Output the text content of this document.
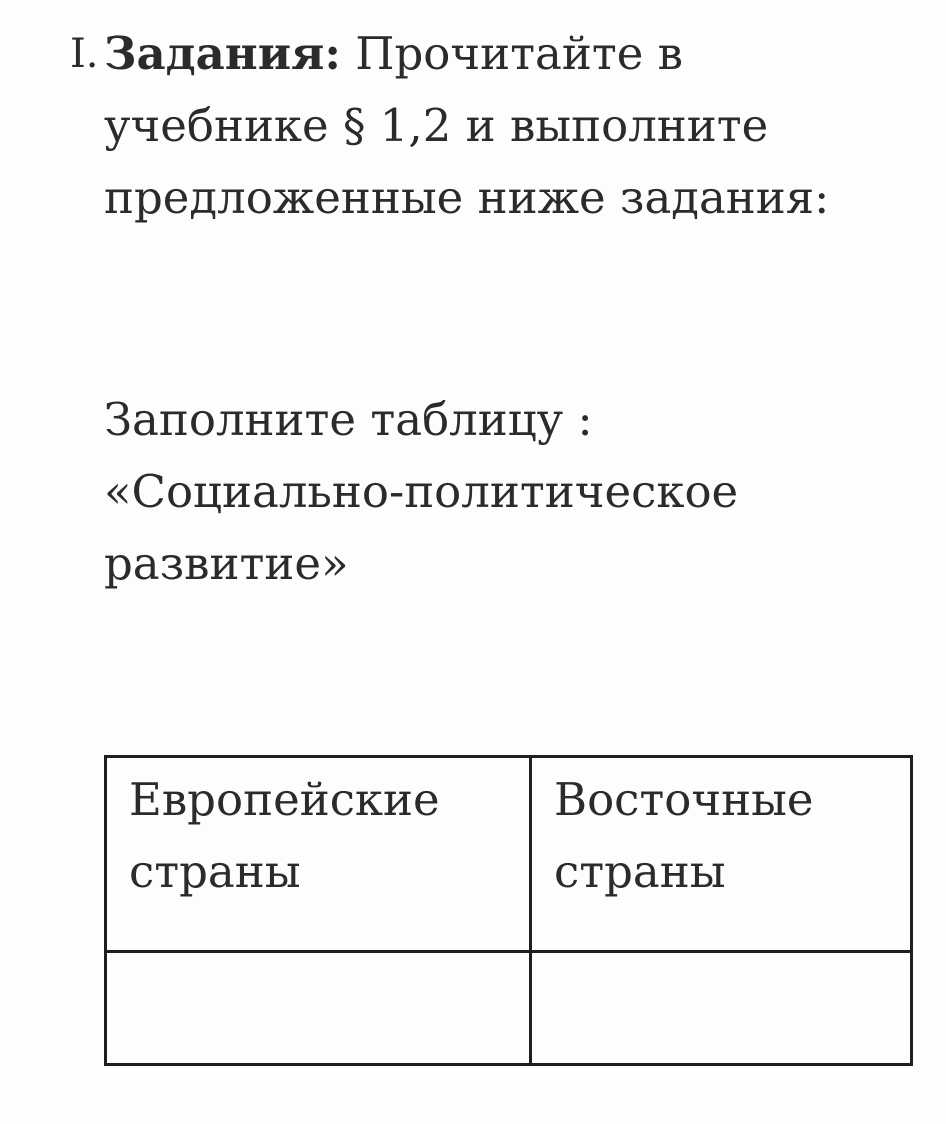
I. Задания: Прочитайте в учебнике § 1,2 и выполните предложенные ниже задания:
Заполните таблицу :
«Социально-политическое
развитие»
Европейские страны	Восточные страны
